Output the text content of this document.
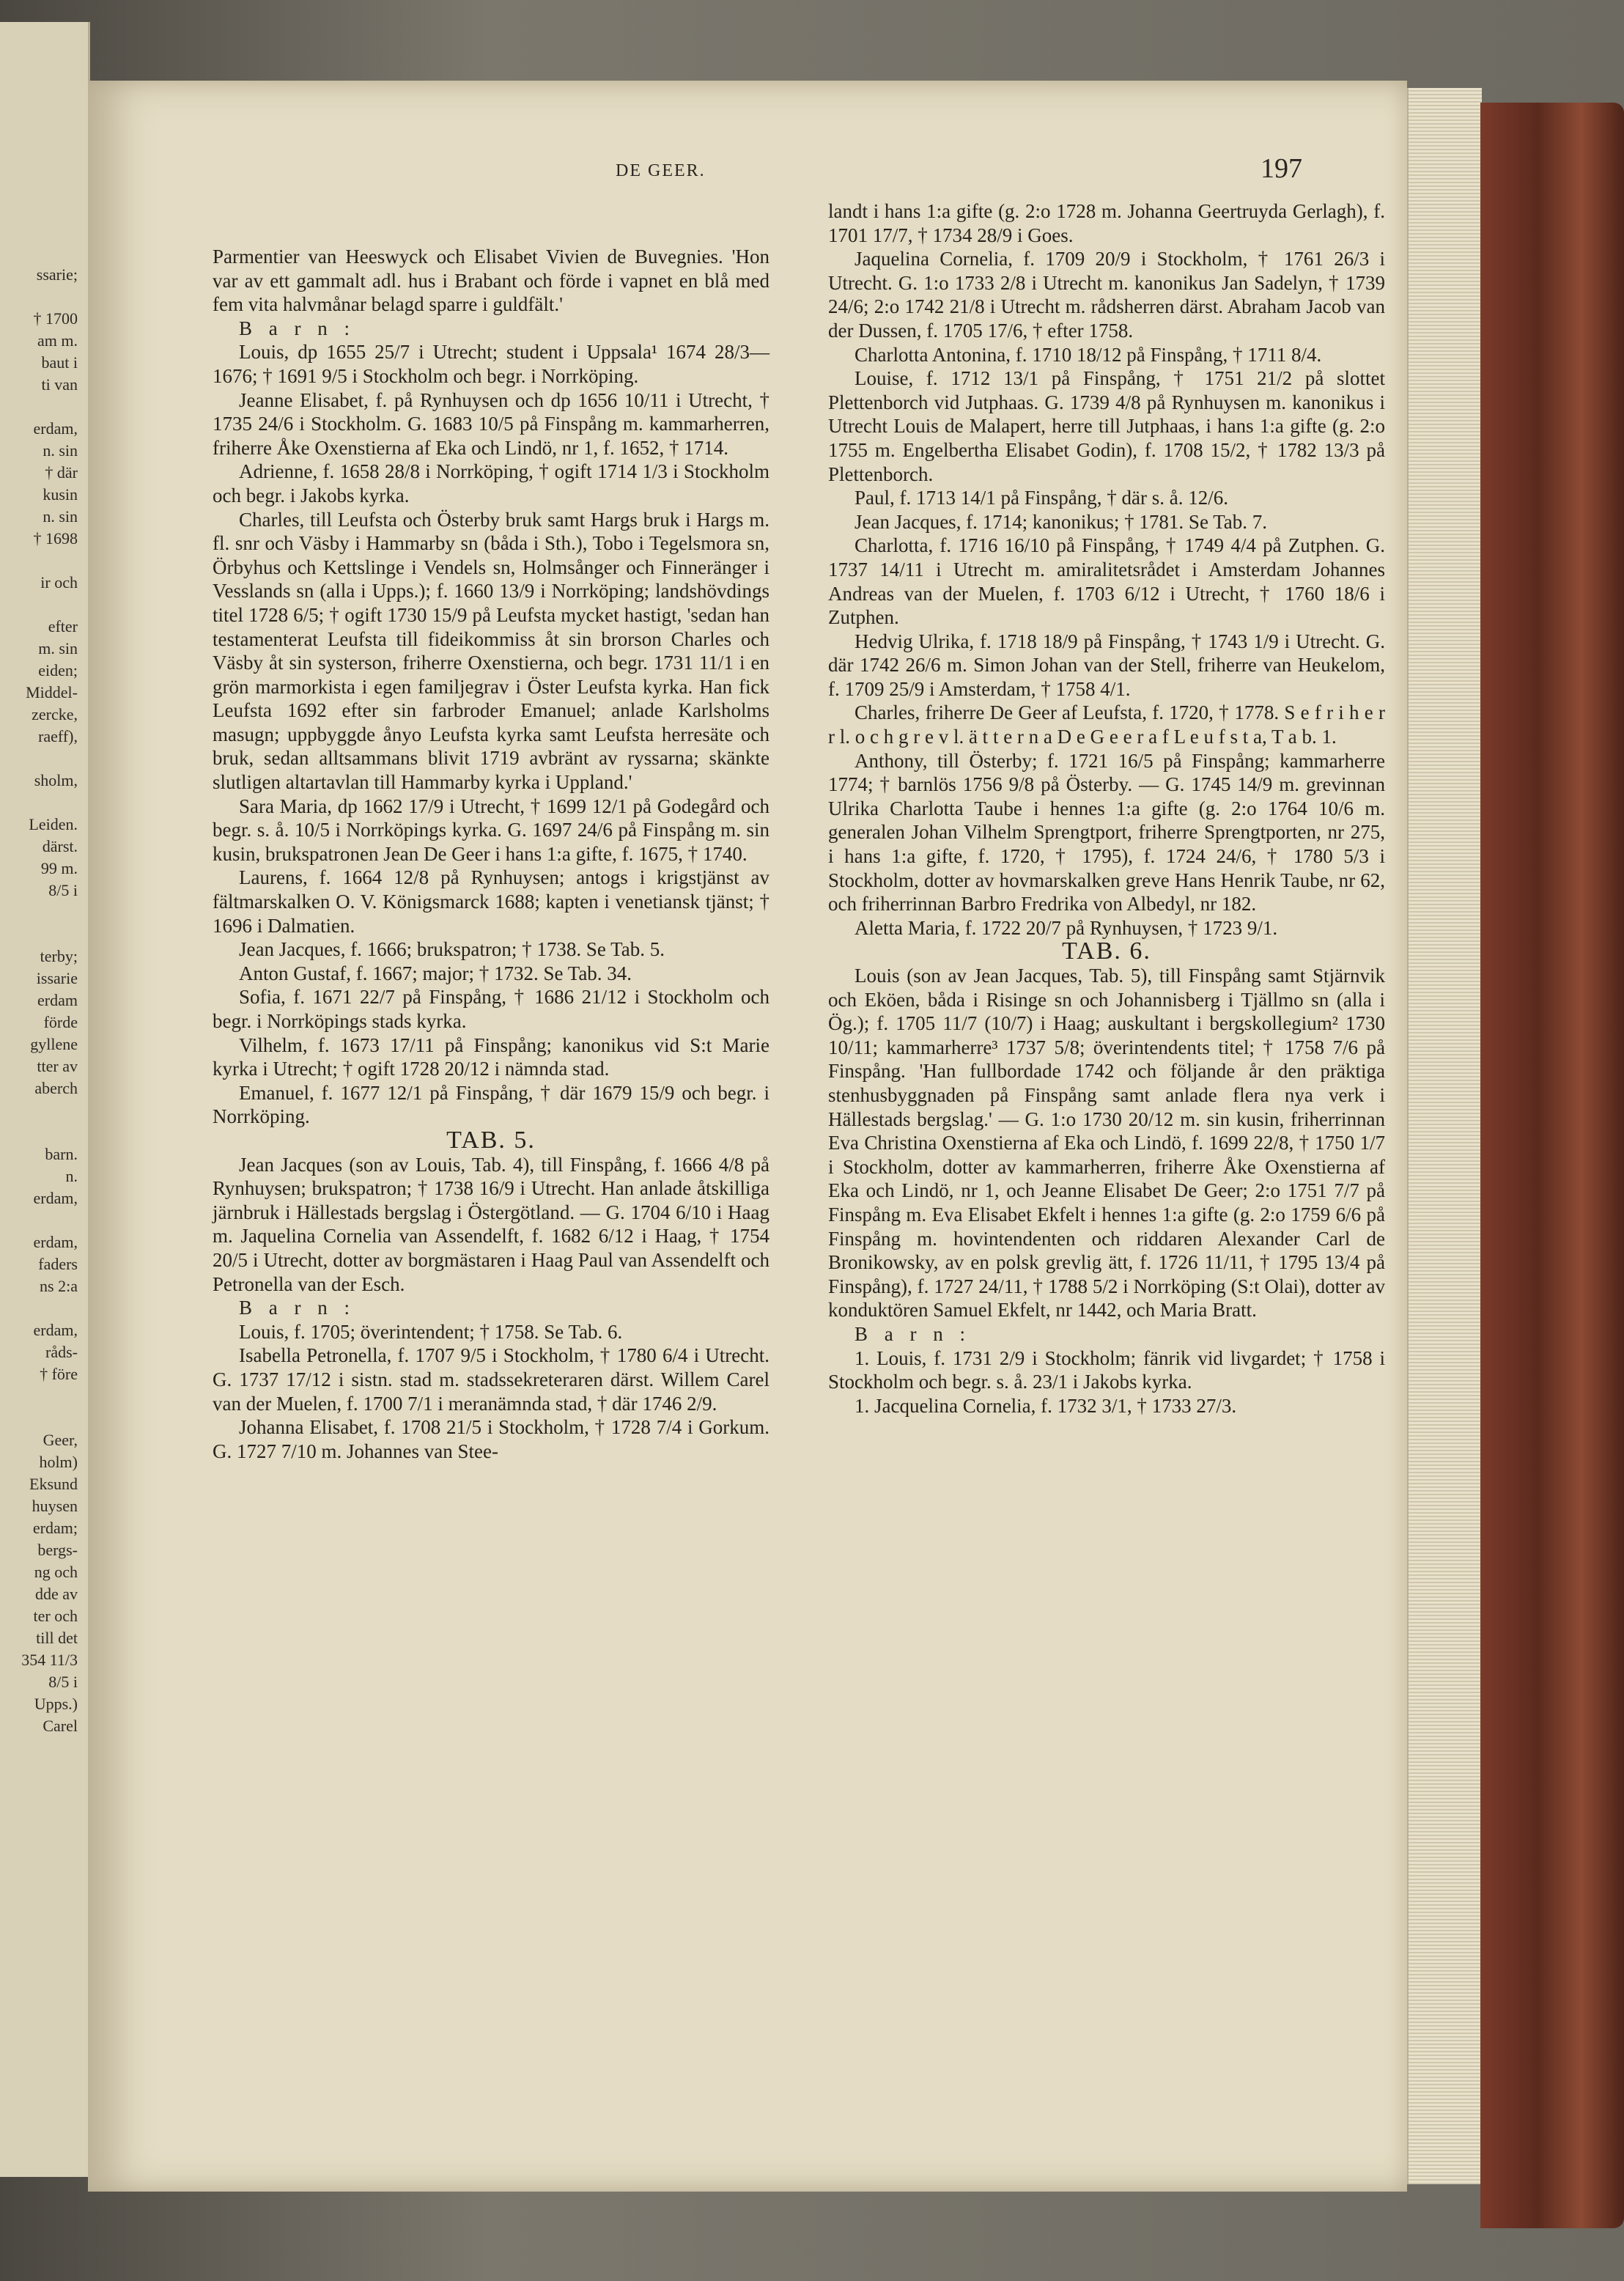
ssarie;
† 1700
am m.
baut i
ti van
erdam,
n. sin
† där
kusin
n. sin
† 1698
ir och
efter
m. sin
eiden;
Middel-
zercke,
raeff),
sholm,
Leiden.
därst.
99 m.
8/5 i
terby;
issarie
erdam
förde
gyllene
tter av
aberch
barn.
n.
erdam,
erdam,
faders
ns 2:a
erdam,
råds-
† före
Geer,
holm)
Eksund
huysen
erdam;
bergs-
ng och
dde av
ter och
till det
354 11/3
8/5 i
Upps.)
Carel
DE GEER.	197

Parmentier van Heeswyck och Elisabet Vivien de Buvegnies. 'Hon var av ett gammalt adl. hus i Brabant och förde i vapnet en blå med fem vita halvmånar belagd sparre i guldfält.'

B a r n :

Louis, dp 1655 25/7 i Utrecht; student i Uppsala¹ 1674 28/3—1676; † 1691 9/5 i Stockholm och begr. i Norrköping.

Jeanne Elisabet, f. på Rynhuysen och dp 1656 10/11 i Utrecht, † 1735 24/6 i Stockholm. G. 1683 10/5 på Finspång m. kammarherren, friherre Åke Oxenstierna af Eka och Lindö, nr 1, f. 1652, † 1714.

Adrienne, f. 1658 28/8 i Norrköping, † ogift 1714 1/3 i Stockholm och begr. i Jakobs kyrka.

Charles, till Leufsta och Österby bruk samt Hargs bruk i Hargs m. fl. snr och Väsby i Hammarby sn (båda i Sth.), Tobo i Tegelsmora sn, Örbyhus och Kettslinge i Vendels sn, Holmsånger och Finneränger i Vesslands sn (alla i Upps.); f. 1660 13/9 i Norrköping; landshövdings titel 1728 6/5; † ogift 1730 15/9 på Leufsta mycket hastigt, 'sedan han testamenterat Leufsta till fideikommiss åt sin brorson Charles och Väsby åt sin systerson, friherre Oxenstierna, och begr. 1731 11/1 i en grön marmorkista i egen familjegrav i Öster Leufsta kyrka. Han fick Leufsta 1692 efter sin farbroder Emanuel; anlade Karlsholms masugn; uppbyggde ånyo Leufsta kyrka samt Leufsta herresäte och bruk, sedan alltsammans blivit 1719 avbränt av ryssarna; skänkte slutligen altartavlan till Hammarby kyrka i Uppland.'

Sara Maria, dp 1662 17/9 i Utrecht, † 1699 12/1 på Godegård och begr. s. å. 10/5 i Norrköpings kyrka. G. 1697 24/6 på Finspång m. sin kusin, brukspatronen Jean De Geer i hans 1:a gifte, f. 1675, † 1740.

Laurens, f. 1664 12/8 på Rynhuysen; antogs i krigstjänst av fältmarskalken O. V. Königsmarck 1688; kapten i venetiansk tjänst; † 1696 i Dalmatien.

Jean Jacques, f. 1666; brukspatron; † 1738. Se Tab. 5.

Anton Gustaf, f. 1667; major; † 1732. Se Tab. 34.

Sofia, f. 1671 22/7 på Finspång, † 1686 21/12 i Stockholm och begr. i Norrköpings stads kyrka.

Vilhelm, f. 1673 17/11 på Finspång; kanonikus vid S:t Marie kyrka i Utrecht; † ogift 1728 20/12 i nämnda stad.

Emanuel, f. 1677 12/1 på Finspång, † där 1679 15/9 och begr. i Norrköping.

TAB. 5.

Jean Jacques (son av Louis, Tab. 4), till Finspång, f. 1666 4/8 på Rynhuysen; brukspatron; † 1738 16/9 i Utrecht. Han anlade åtskilliga järnbruk i Hällestads bergslag i Östergötland. — G. 1704 6/10 i Haag m. Jaquelina Cornelia van Assendelft, f. 1682 6/12 i Haag, † 1754 20/5 i Utrecht, dotter av borgmästaren i Haag Paul van Assendelft och Petronella van der Esch.

B a r n :

Louis, f. 1705; överintendent; † 1758. Se Tab. 6.

Isabella Petronella, f. 1707 9/5 i Stockholm, † 1780 6/4 i Utrecht. G. 1737 17/12 i sistn. stad m. stadssekreteraren därst. Willem Carel van der Muelen, f. 1700 7/1 i meranämnda stad, † där 1746 2/9.

Johanna Elisabet, f. 1708 21/5 i Stockholm, † 1728 7/4 i Gorkum. G. 1727 7/10 m. Johannes van Stee-

landt i hans 1:a gifte (g. 2:o 1728 m. Johanna Geertruyda Gerlagh), f. 1701 17/7, † 1734 28/9 i Goes.

Jaquelina Cornelia, f. 1709 20/9 i Stockholm, † 1761 26/3 i Utrecht. G. 1:o 1733 2/8 i Utrecht m. kanonikus Jan Sadelyn, † 1739 24/6; 2:o 1742 21/8 i Utrecht m. rådsherren därst. Abraham Jacob van der Dussen, f. 1705 17/6, † efter 1758.

Charlotta Antonina, f. 1710 18/12 på Finspång, † 1711 8/4.

Louise, f. 1712 13/1 på Finspång, † 1751 21/2 på slottet Plettenborch vid Jutphaas. G. 1739 4/8 på Rynhuysen m. kanonikus i Utrecht Louis de Malapert, herre till Jutphaas, i hans 1:a gifte (g. 2:o 1755 m. Engelbertha Elisabet Godin), f. 1708 15/2, † 1782 13/3 på Plettenborch.

Paul, f. 1713 14/1 på Finspång, † där s. å. 12/6.

Jean Jacques, f. 1714; kanonikus; † 1781. Se Tab. 7.

Charlotta, f. 1716 16/10 på Finspång, † 1749 4/4 på Zutphen. G. 1737 14/11 i Utrecht m. amiralitetsrådet i Amsterdam Johannes Andreas van der Muelen, f. 1703 6/12 i Utrecht, † 1760 18/6 i Zutphen.

Hedvig Ulrika, f. 1718 18/9 på Finspång, † 1743 1/9 i Utrecht. G. där 1742 26/6 m. Simon Johan van der Stell, friherre van Heukelom, f. 1709 25/9 i Amsterdam, † 1758 4/1.

Charles, friherre De Geer af Leufsta, f. 1720, † 1778. S e f r i h e r r l. o c h g r e v l. ä t t e r n a D e G e e r a f L e u f s t a, T a b. 1.

Anthony, till Österby; f. 1721 16/5 på Finspång; kammarherre 1774; † barnlös 1756 9/8 på Österby. — G. 1745 14/9 m. grevinnan Ulrika Charlotta Taube i hennes 1:a gifte (g. 2:o 1764 10/6 m. generalen Johan Vilhelm Sprengtport, friherre Sprengtporten, nr 275, i hans 1:a gifte, f. 1720, † 1795), f. 1724 24/6, † 1780 5/3 i Stockholm, dotter av hovmarskalken greve Hans Henrik Taube, nr 62, och friherrinnan Barbro Fredrika von Albedyl, nr 182.

Aletta Maria, f. 1722 20/7 på Rynhuysen, † 1723 9/1.

TAB. 6.

Louis (son av Jean Jacques, Tab. 5), till Finspång samt Stjärnvik och Eköen, båda i Risinge sn och Johannisberg i Tjällmo sn (alla i Ög.); f. 1705 11/7 (10/7) i Haag; auskultant i bergskollegium² 1730 10/11; kammarherre³ 1737 5/8; överintendents titel; † 1758 7/6 på Finspång. 'Han fullbordade 1742 och följande år den präktiga stenhusbyggnaden på Finspång samt anlade flera nya verk i Hällestads bergslag.' — G. 1:o 1730 20/12 m. sin kusin, friherrinnan Eva Christina Oxenstierna af Eka och Lindö, f. 1699 22/8, † 1750 1/7 i Stockholm, dotter av kammarherren, friherre Åke Oxenstierna af Eka och Lindö, nr 1, och Jeanne Elisabet De Geer; 2:o 1751 7/7 på Finspång m. Eva Elisabet Ekfelt i hennes 1:a gifte (g. 2:o 1759 6/6 på Finspång m. hovintendenten och riddaren Alexander Carl de Bronikowsky, av en polsk grevlig ätt, f. 1726 11/11, † 1795 13/4 på Finspång), f. 1727 24/11, † 1788 5/2 i Norrköping (S:t Olai), dotter av konduktören Samuel Ekfelt, nr 1442, och Maria Bratt.

B a r n :

1. Louis, f. 1731 2/9 i Stockholm; fänrik vid livgardet; † 1758 i Stockholm och begr. s. å. 23/1 i Jakobs kyrka.

1. Jacquelina Cornelia, f. 1732 3/1, † 1733 27/3.
